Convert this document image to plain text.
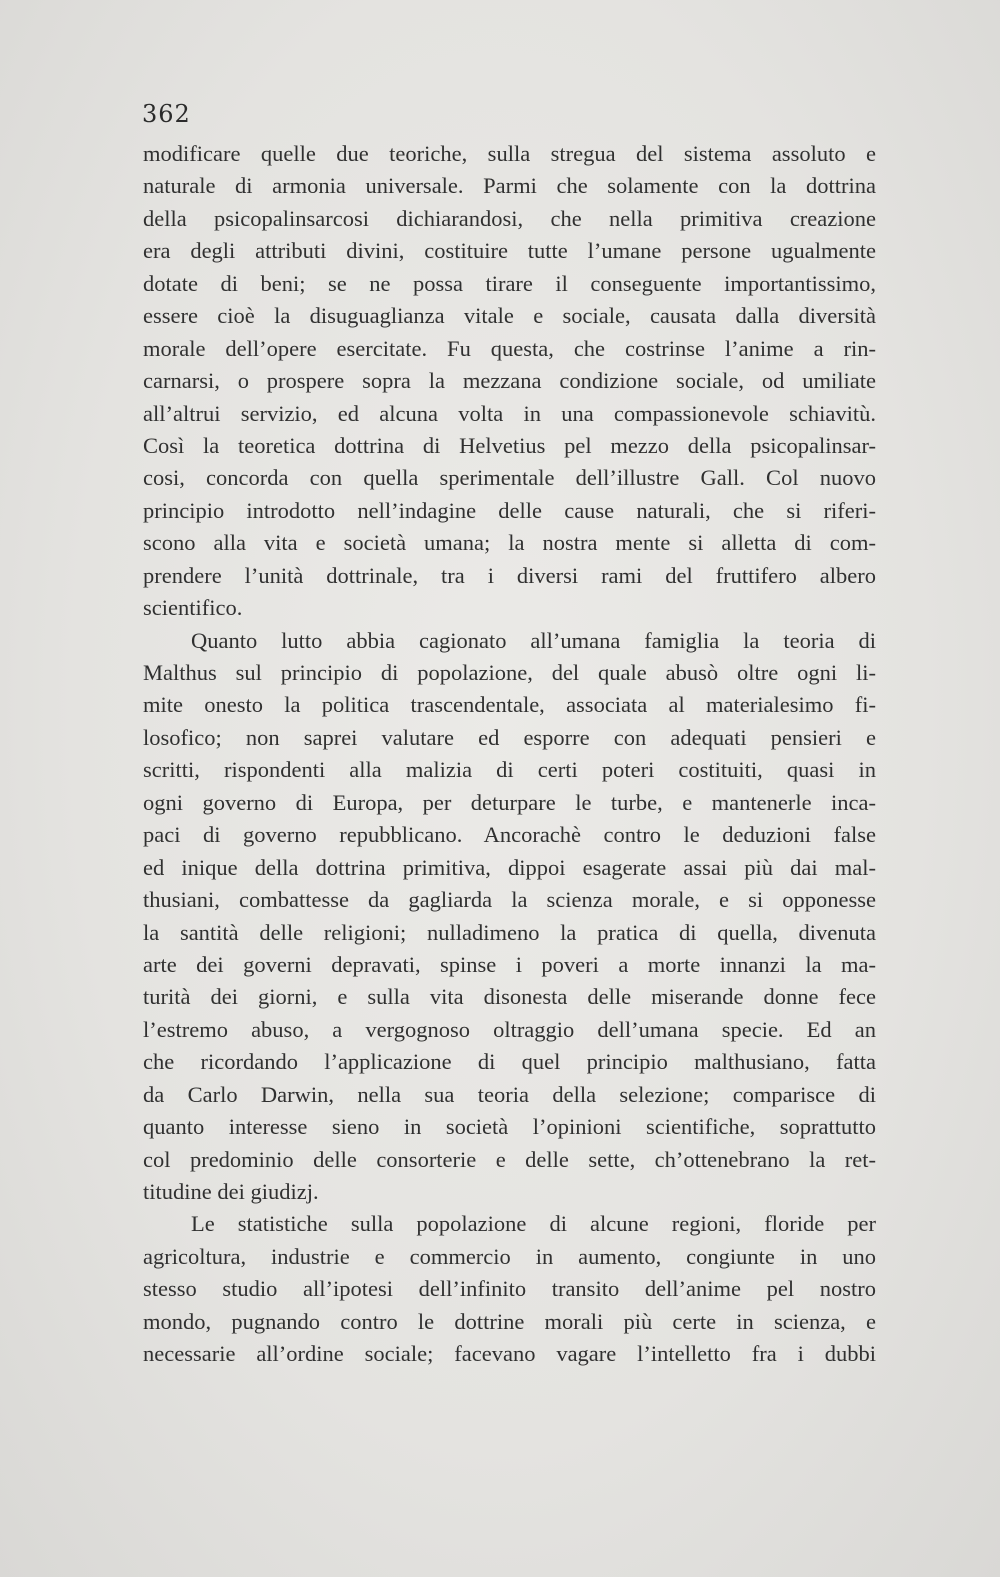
362
modificare quelle due teoriche, sulla stregua del sistema assoluto e
naturale di armonia universale. Parmi che solamente con la dottrina
della psicopalinsarcosi dichiarandosi, che nella primitiva creazione
era degli attributi divini, costituire tutte l’umane persone ugualmente
dotate di beni; se ne possa tirare il conseguente importantissimo,
essere cioè la disuguaglianza vitale e sociale, causata dalla diversità
morale dell’opere esercitate. Fu questa, che costrinse l’anime a rin-
carnarsi, o prospere sopra la mezzana condizione sociale, od umiliate
all’altrui servizio, ed alcuna volta in una compassionevole schiavitù.
Così la teoretica dottrina di Helvetius pel mezzo della psicopalinsar-
cosi, concorda con quella sperimentale dell’illustre Gall. Col nuovo
principio introdotto nell’indagine delle cause naturali, che si riferi-
scono alla vita e società umana; la nostra mente si alletta di com-
prendere l’unità dottrinale, tra i diversi rami del fruttifero albero
scientifico.
Quanto lutto abbia cagionato all’umana famiglia la teoria di
Malthus sul principio di popolazione, del quale abusò oltre ogni li-
mite onesto la politica trascendentale, associata al materialesimo fi-
losofico; non saprei valutare ed esporre con adequati pensieri e
scritti, rispondenti alla malizia di certi poteri costituiti, quasi in
ogni governo di Europa, per deturpare le turbe, e mantenerle inca-
paci di governo repubblicano. Ancorachè contro le deduzioni false
ed inique della dottrina primitiva, dippoi esagerate assai più dai mal-
thusiani, combattesse da gagliarda la scienza morale, e si opponesse
la santità delle religioni; nulladimeno la pratica di quella, divenuta
arte dei governi depravati, spinse i poveri a morte innanzi la ma-
turità dei giorni, e sulla vita disonesta delle miserande donne fece
l’estremo abuso, a vergognoso oltraggio dell’umana specie. Ed an
che ricordando l’applicazione di quel principio malthusiano, fatta
da Carlo Darwin, nella sua teoria della selezione; comparisce di
quanto interesse sieno in società l’opinioni scientifiche, soprattutto
col predominio delle consorterie e delle sette, ch’ottenebrano la ret-
titudine dei giudizj.
Le statistiche sulla popolazione di alcune regioni, floride per
agricoltura, industrie e commercio in aumento, congiunte in uno
stesso studio all’ipotesi dell’infinito transito dell’anime pel nostro
mondo, pugnando contro le dottrine morali più certe in scienza, e
necessarie all’ordine sociale; facevano vagare l’intelletto fra i dubbi
